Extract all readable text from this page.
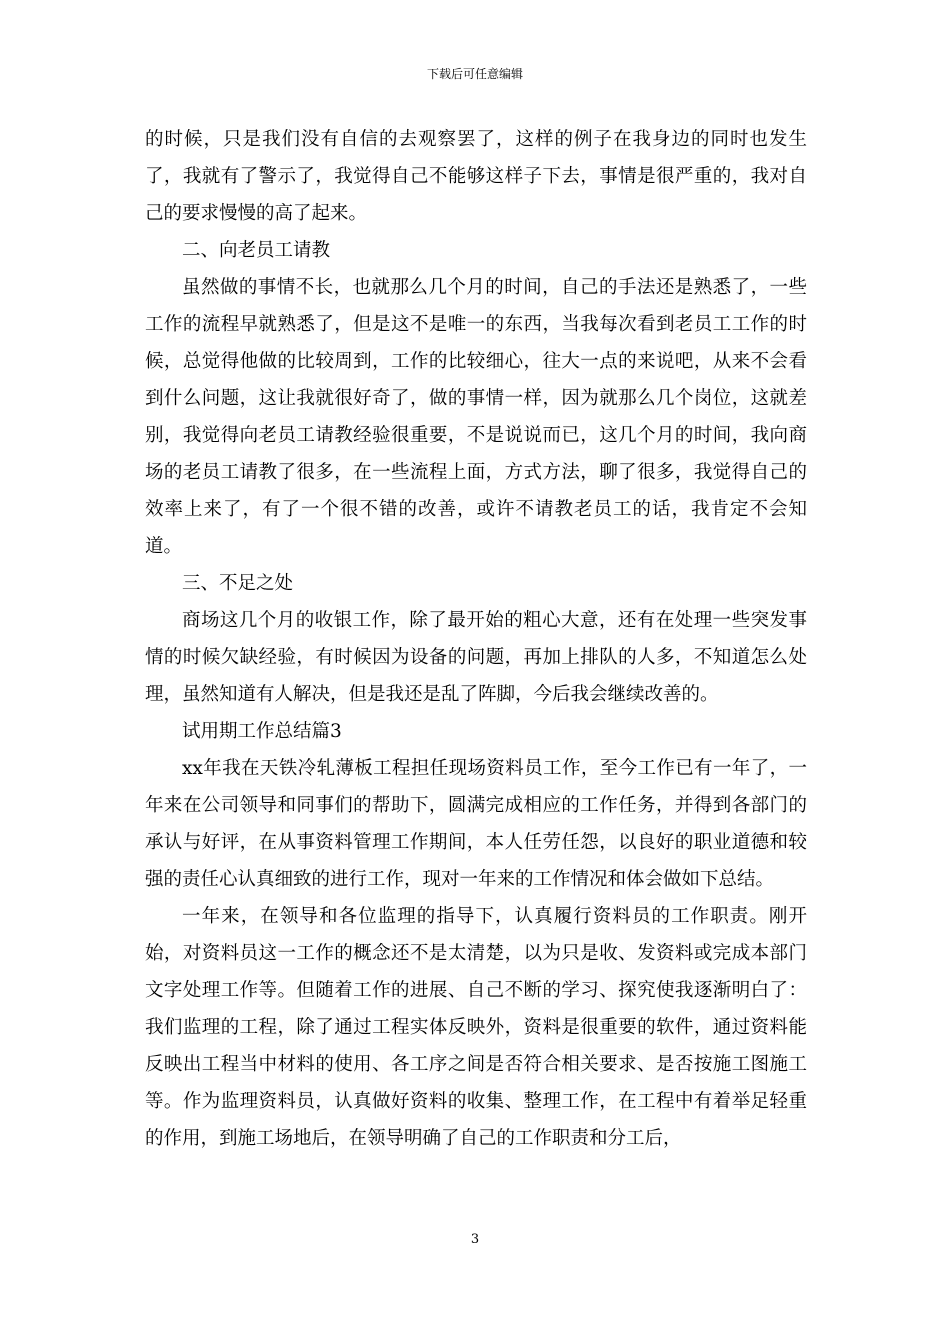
下载后可任意编辑

的时候，只是我们没有自信的去观察罢了，这样的例子在我身边的同时也发生了，我就有了警示了，我觉得自己不能够这样子下去，事情是很严重的，我对自己的要求慢慢的高了起来。

二、向老员工请教

虽然做的事情不长，也就那么几个月的时间，自己的手法还是熟悉了，一些工作的流程早就熟悉了，但是这不是唯一的东西，当我每次看到老员工工作的时候，总觉得他做的比较周到，工作的比较细心，往大一点的来说吧，从来不会看到什么问题，这让我就很好奇了，做的事情一样，因为就那么几个岗位，这就差别，我觉得向老员工请教经验很重要，不是说说而已，这几个月的时间，我向商场的老员工请教了很多，在一些流程上面，方式方法，聊了很多，我觉得自己的效率上来了，有了一个很不错的改善，或许不请教老员工的话，我肯定不会知道。

三、不足之处

商场这几个月的收银工作，除了最开始的粗心大意，还有在处理一些突发事情的时候欠缺经验，有时候因为设备的问题，再加上排队的人多，不知道怎么处理，虽然知道有人解决，但是我还是乱了阵脚，今后我会继续改善的。

试用期工作总结篇3

xx年我在天铁冷轧薄板工程担任现场资料员工作，至今工作已有一年了，一年来在公司领导和同事们的帮助下，圆满完成相应的工作任务，并得到各部门的承认与好评，在从事资料管理工作期间，本人任劳任怨，以良好的职业道德和较强的责任心认真细致的进行工作，现对一年来的工作情况和体会做如下总结。

一年来，在领导和各位监理的指导下，认真履行资料员的工作职责。刚开始，对资料员这一工作的概念还不是太清楚，以为只是收、发资料或完成本部门文字处理工作等。但随着工作的进展、自己不断的学习、探究使我逐渐明白了：我们监理的工程，除了通过工程实体反映外，资料是很重要的软件，通过资料能反映出工程当中材料的使用、各工序之间是否符合相关要求、是否按施工图施工等。作为监理资料员，认真做好资料的收集、整理工作，在工程中有着举足轻重的作用，到施工场地后，在领导明确了自己的工作职责和分工后，

3
